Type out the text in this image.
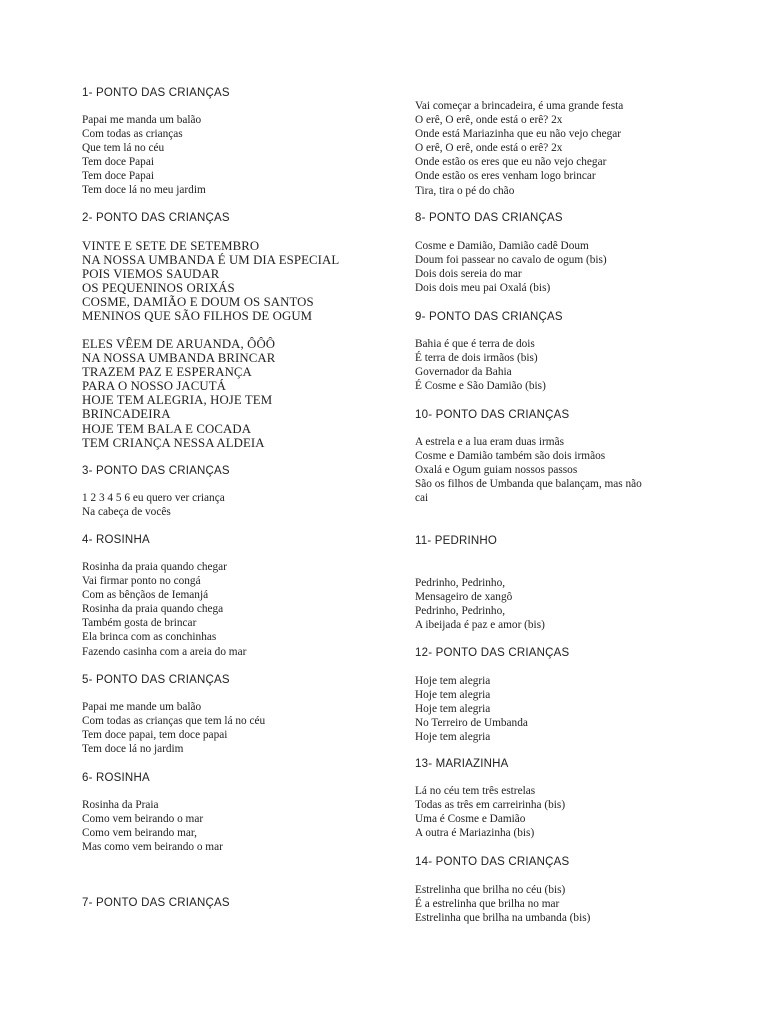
1- PONTO DAS CRIANÇAS
Papai me manda um balão
Com todas as crianças
Que tem lá no céu
Tem doce Papai
Tem doce Papai
Tem doce lá no meu jardim
2- PONTO DAS CRIANÇAS
VINTE E SETE DE SETEMBRO
NA NOSSA UMBANDA É UM DIA ESPECIAL
POIS VIEMOS SAUDAR
OS PEQUENINOS ORIXÁS
COSME, DAMIÃO E DOUM OS SANTOS
MENINOS QUE SÃO FILHOS DE OGUM
ELES VÊEM DE ARUANDA, ÔÔÔ
NA NOSSA UMBANDA BRINCAR
TRAZEM PAZ E ESPERANÇA
PARA O NOSSO JACUTÁ
HOJE TEM ALEGRIA, HOJE TEM
BRINCADEIRA
HOJE TEM BALA E COCADA
TEM CRIANÇA NESSA ALDEIA
3- PONTO DAS CRIANÇAS
1 2 3 4 5 6 eu quero ver criança
Na cabeça de vocês
4- ROSINHA
Rosinha da praia quando chegar
Vai firmar ponto no congá
Com as bênçãos de Iemanjá
Rosinha da praia quando chega
Também gosta de brincar
Ela brinca com as conchinhas
Fazendo casinha com a areia do mar
5- PONTO DAS CRIANÇAS
Papai me mande um balão
Com todas as crianças que tem lá no céu
Tem doce papai, tem doce papai
Tem doce lá no jardim
6- ROSINHA
Rosinha da Praia
Como vem beirando o mar
Como vem beirando mar,
Mas como vem beirando o mar
7- PONTO DAS CRIANÇAS
Vai começar a brincadeira, é uma grande festa
O erê, O erê, onde está o erê? 2x
Onde está Mariazinha que eu não vejo chegar
O erê, O erê, onde está o erê? 2x
Onde estão os eres que eu não vejo chegar
Onde estão os eres venham logo brincar
Tira, tira o pé do chão
8- PONTO DAS CRIANÇAS
Cosme e Damião, Damião cadê Doum
Doum foi passear no cavalo de ogum (bis)
Dois dois sereia do mar
Dois dois meu pai Oxalá (bis)
9- PONTO DAS CRIANÇAS
Bahia é que é terra de dois
É terra de dois irmãos (bis)
Governador da Bahia
É Cosme e São Damião (bis)
10- PONTO DAS CRIANÇAS
A estrela e a lua eram duas irmãs
Cosme e Damião também são dois irmãos
Oxalá e Ogum guiam nossos passos
São os filhos de Umbanda que balançam, mas não
cai
11- PEDRINHO
Pedrinho, Pedrinho,
Mensageiro de xangô
Pedrinho, Pedrinho,
A ibeijada é paz e amor (bis)
12- PONTO DAS CRIANÇAS
Hoje tem alegria
Hoje tem alegria
Hoje tem alegria
No Terreiro de Umbanda
Hoje tem alegria
13- MARIAZINHA
Lá no céu tem três estrelas
Todas as três em carreirinha (bis)
Uma é Cosme e Damião
A outra é Mariazinha (bis)
14- PONTO DAS CRIANÇAS
Estrelinha que brilha no céu (bis)
É a estrelinha que brilha no mar
Estrelinha que brilha na umbanda (bis)
